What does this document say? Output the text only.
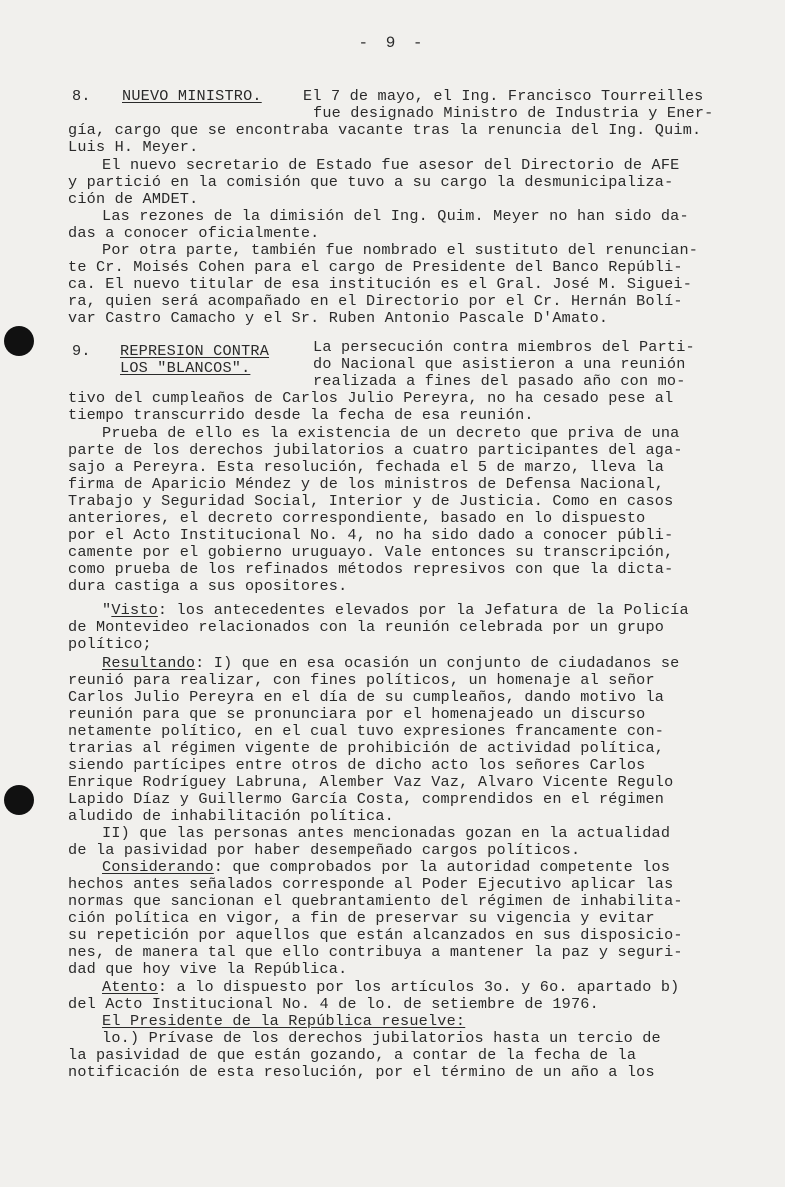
- 9 -
8. NUEVO MINISTRO.	El 7 de mayo, el Ing. Francisco Tourreilles
fue designado Ministro de Industria y Ener-
gía, cargo que se encontraba vacante tras la renuncia del Ing. Quim.
Luis H. Meyer.
El nuevo secretario de Estado fue asesor del Directorio de AFE
y partició en la comisión que tuvo a su cargo la desmunicipaliza-
ción de AMDET.
Las rezones de la dimisión del Ing. Quim. Meyer no han sido da-
das a conocer oficialmente.
Por otra parte, también fue nombrado el sustituto del renuncian-
te Cr. Moisés Cohen para el cargo de Presidente del Banco Repúbli-
ca. El nuevo titular de esa institución es el Gral. José M. Siguei-
ra, quien será acompañado en el Directorio por el Cr. Hernán Bolí-
var Castro Camacho y el Sr. Ruben Antonio Pascale D'Amato.
9. REPRESION CONTRA
LOS "BLANCOS".
La persecución contra miembros del Parti-
do Nacional que asistieron a una reunión
realizada a fines del pasado año con mo-
tivo del cumpleaños de Carlos Julio Pereyra, no ha cesado pese al
tiempo transcurrido desde la fecha de esa reunión.
Prueba de ello es la existencia de un decreto que priva de una
parte de los derechos jubilatorios a cuatro participantes del aga-
sajo a Pereyra. Esta resolución, fechada el 5 de marzo, lleva la
firma de Aparicio Méndez y de los ministros de Defensa Nacional,
Trabajo y Seguridad Social, Interior y de Justicia. Como en casos
anteriores, el decreto correspondiente, basado en lo dispuesto
por el Acto Institucional No. 4, no ha sido dado a conocer públi-
camente por el gobierno uruguayo. Vale entonces su transcripción,
como prueba de los refinados métodos represivos con que la dicta-
dura castiga a sus opositores.
"Visto: los antecedentes elevados por la Jefatura de la Policía
de Montevideo relacionados con la reunión celebrada por un grupo
político;
Resultando: I) que en esa ocasión un conjunto de ciudadanos se
reunió para realizar, con fines políticos, un homenaje al señor
Carlos Julio Pereyra en el día de su cumpleaños, dando motivo la
reunión para que se pronunciara por el homenajeado un discurso
netamente político, en el cual tuvo expresiones francamente con-
trarias al régimen vigente de prohibición de actividad política,
siendo partícipes entre otros de dicho acto los señores Carlos
Enrique Rodríguey Labruna, Alember Vaz Vaz, Alvaro Vicente Regulo
Lapido Díaz y Guillermo García Costa, comprendidos en el régimen
aludido de inhabilitación política.
II) que las personas antes mencionadas gozan en la actualidad
de la pasividad por haber desempeñado cargos políticos.
Considerando: que comprobados por la autoridad competente los
hechos antes señalados corresponde al Poder Ejecutivo aplicar las
normas que sancionan el quebrantamiento del régimen de inhabilita-
ción política en vigor, a fin de preservar su vigencia y evitar
su repetición por aquellos que están alcanzados en sus disposicio-
nes, de manera tal que ello contribuya a mantener la paz y seguri-
dad que hoy vive la República.
Atento: a lo dispuesto por los artículos 3o. y 6o. apartado b)
del Acto Institucional No. 4 de lo. de setiembre de 1976.
El Presidente de la República resuelve:
lo.) Prívase de los derechos jubilatorios hasta un tercio de
la pasividad de que están gozando, a contar de la fecha de la
notificación de esta resolución, por el término de un año a los
